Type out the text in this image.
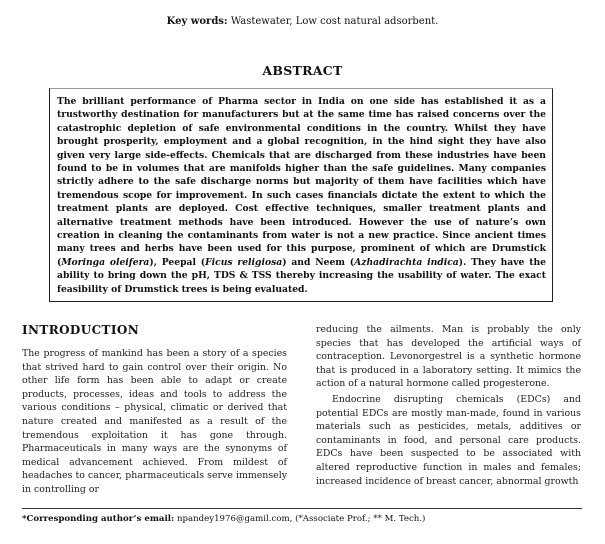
Key words: Wastewater, Low cost natural adsorbent.
ABSTRACT

The brilliant performance of Pharma sector in India on one side has established it as a trustworthy destination for manufacturers but at the same time has raised concerns over the catastrophic depletion of safe environmental conditions in the country. Whilst they have brought prosperity, employment and a global recognition, in the hind sight they have also given very large side-effects. Chemicals that are discharged from these industries have been found to be in volumes that are manifolds higher than the safe guidelines. Many companies strictly adhere to the safe discharge norms but majority of them have facilities which have tremendous scope for improvement. In such cases financials dictate the extent to which the treatment plants are deployed. Cost effective techniques, smaller treatment plants and alternative treatment methods have been introduced. However the use of nature’s own creation in cleaning the contaminants from water is not a new practice. Since ancient times many trees and herbs have been used for this purpose, prominent of which are Drumstick (Moringa oleifera), Peepal (Ficus religiosa) and Neem (Azhadirachta indica). They have the ability to bring down the pH, TDS & TSS thereby increasing the usability of water. The exact feasibility of Drumstick trees is being evaluated.

INTRODUCTION

The progress of mankind has been a story of a species that strived hard to gain control over their origin. No other life form has been able to adapt or create products, processes, ideas and tools to address the various conditions – physical, climatic or derived that nature created and manifested as a result of the tremendous exploitation it has gone through. Pharmaceuticals in many ways are the synonyms of medical advancement achieved. From mildest of headaches to cancer, pharmaceuticals serve immensely in controlling or

reducing the ailments. Man is probably the only species that has developed the artificial ways of contraception. Levonorgestrel is a synthetic hormone that is produced in a laboratory setting. It mimics the action of a natural hormone called progesterone.

Endocrine disrupting chemicals (EDCs) and potential EDCs are mostly man-made, found in various materials such as pesticides, metals, additives or contaminants in food, and personal care products. EDCs have been suspected to be associated with altered reproductive function in males and females; increased incidence of breast cancer, abnormal growth

*Corresponding author’s email: npandey1976@gamil.com, (*Associate Prof.; ** M. Tech.)
